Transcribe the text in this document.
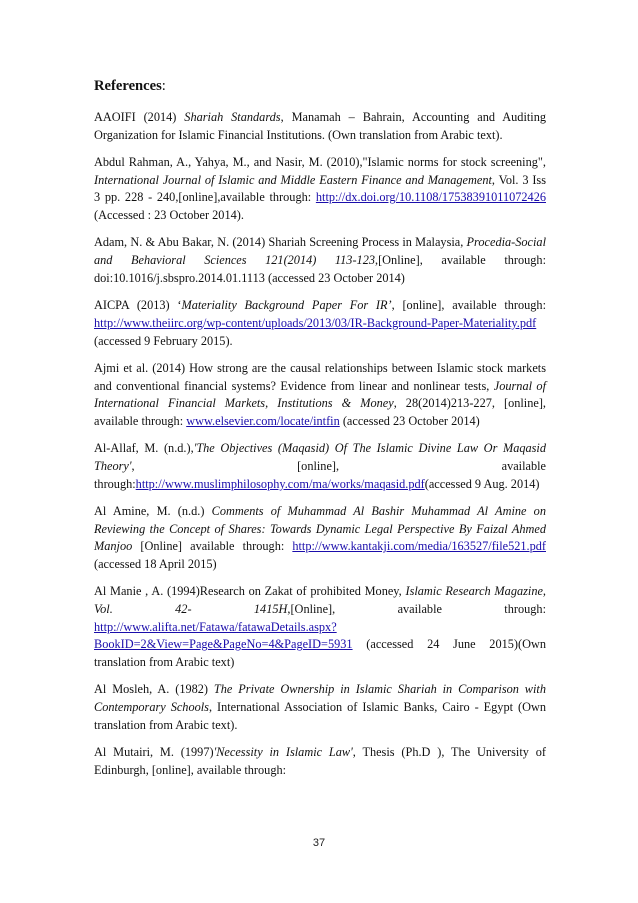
References:

AAOIFI (2014) Shariah Standards, Manamah – Bahrain, Accounting and Auditing Organization for Islamic Financial Institutions. (Own translation from Arabic text).

Abdul Rahman, A., Yahya, M., and Nasir, M. (2010),"Islamic norms for stock screening", International Journal of Islamic and Middle Eastern Finance and Management, Vol. 3 Iss 3 pp. 228 - 240,[online],available through: http://dx.doi.org/10.1108/17538391011072426 (Accessed : 23 October 2014).

Adam, N. & Abu Bakar, N. (2014) Shariah Screening Process in Malaysia, Procedia-Social and Behavioral Sciences 121(2014) 113-123,[Online], available through: doi:10.1016/j.sbspro.2014.01.1113 (accessed 23 October 2014)

AICPA (2013) ‘Materiality Background Paper For IR’, [online], available through: http://www.theiirc.org/wp-content/uploads/2013/03/IR-Background-Paper-Materiality.pdf (accessed 9 February 2015).

Ajmi et al. (2014) How strong are the causal relationships between Islamic stock markets and conventional financial systems? Evidence from linear and nonlinear tests, Journal of International Financial Markets, Institutions & Money, 28(2014)213-227, [online], available through: www.elsevier.com/locate/intfin (accessed 23 October 2014)

Al-Allaf, M. (n.d.),'The Objectives (Maqasid) Of The Islamic Divine Law Or Maqasid Theory', [online], available through:http://www.muslimphilosophy.com/ma/works/maqasid.pdf(accessed 9 Aug. 2014)

Al Amine, M. (n.d.) Comments of Muhammad Al Bashir Muhammad Al Amine on Reviewing the Concept of Shares: Towards Dynamic Legal Perspective By Faizal Ahmed Manjoo [Online] available through: http://www.kantakji.com/media/163527/file521.pdf (accessed 18 April 2015)

Al Manie , A. (1994)Research on Zakat of prohibited Money, Islamic Research Magazine, Vol. 42- 1415H,[Online], available through: http://www.alifta.net/Fatawa/fatawaDetails.aspx?BookID=2&View=Page&PageNo=4&PageID=5931 (accessed 24 June 2015)(Own translation from Arabic text)

Al Mosleh, A. (1982) The Private Ownership in Islamic Shariah in Comparison with Contemporary Schools, International Association of Islamic Banks, Cairo - Egypt (Own translation from Arabic text).

Al Mutairi, M. (1997)'Necessity in Islamic Law', Thesis (Ph.D ), The University of Edinburgh, [online], available through:

37
